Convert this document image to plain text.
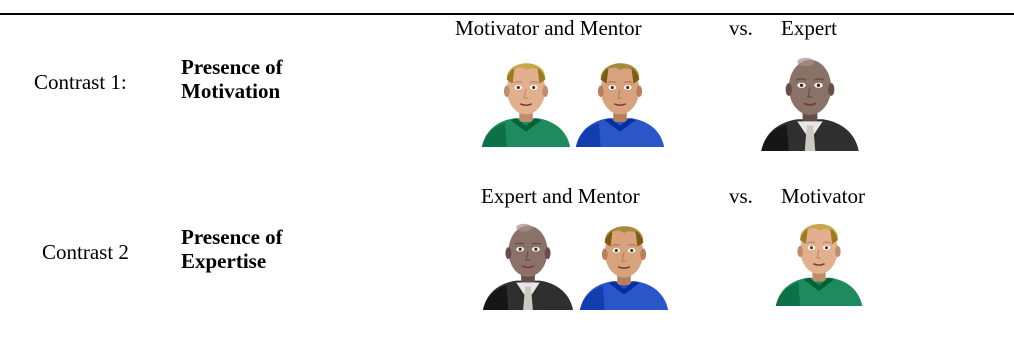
Contrast 1:
Presence of
Motivation
Motivator and Mentor	vs. Expert
Contrast 2
Presence of
Expertise
Expert and Mentor	vs. Motivator
